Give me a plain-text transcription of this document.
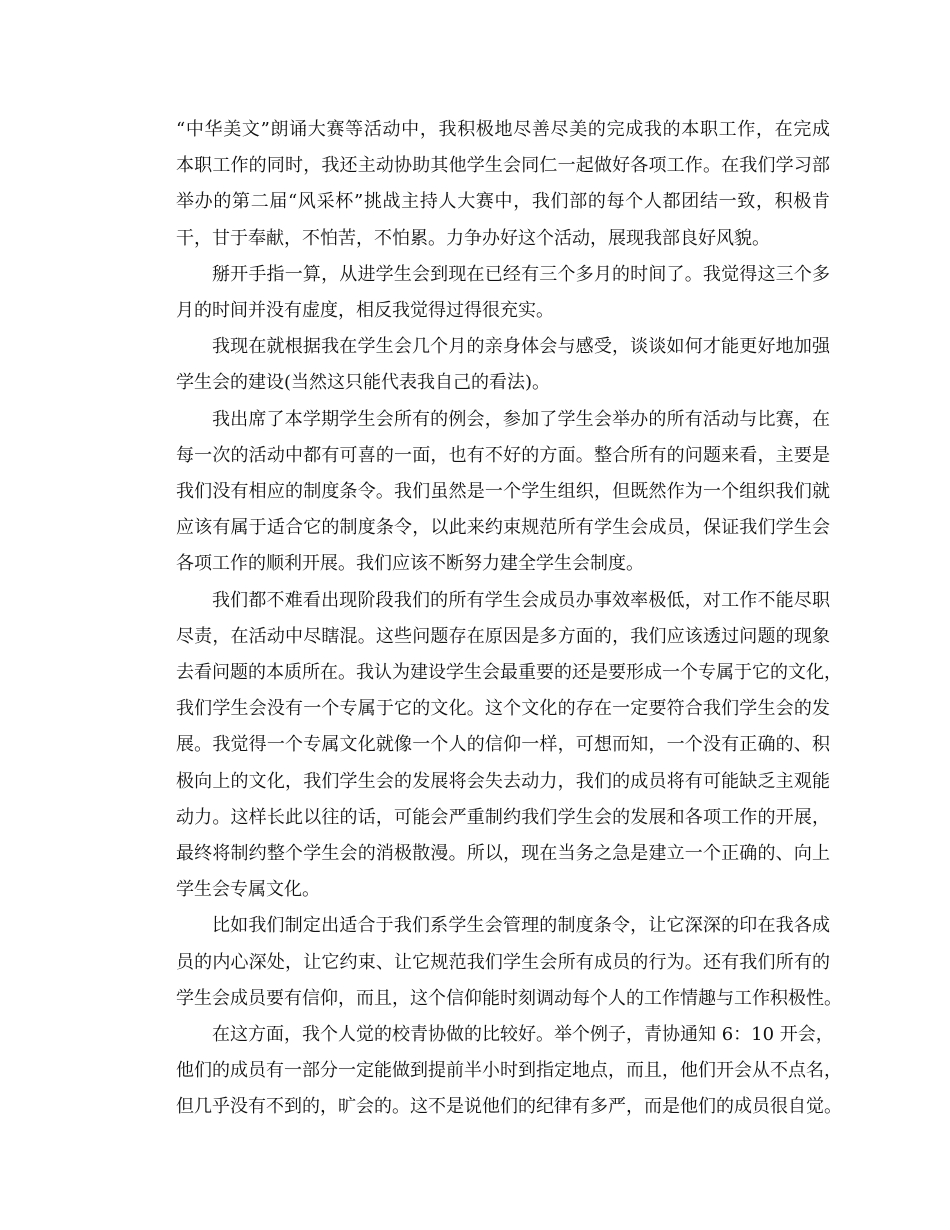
“中华美文”朗诵大赛等活动中，我积极地尽善尽美的完成我的本职工作，在完成
本职工作的同时，我还主动协助其他学生会同仁一起做好各项工作。在我们学习部
举办的第二届“风采杯”挑战主持人大赛中，我们部的每个人都团结一致，积极肯
干，甘于奉献，不怕苦，不怕累。力争办好这个活动，展现我部良好风貌。
掰开手指一算，从进学生会到现在已经有三个多月的时间了。我觉得这三个多
月的时间并没有虚度，相反我觉得过得很充实。
我现在就根据我在学生会几个月的亲身体会与感受，谈谈如何才能更好地加强
学生会的建设(当然这只能代表我自己的看法)。
我出席了本学期学生会所有的例会，参加了学生会举办的所有活动与比赛，在
每一次的活动中都有可喜的一面，也有不好的方面。整合所有的问题来看，主要是
我们没有相应的制度条令。我们虽然是一个学生组织，但既然作为一个组织我们就
应该有属于适合它的制度条令，以此来约束规范所有学生会成员，保证我们学生会
各项工作的顺利开展。我们应该不断努力建全学生会制度。
我们都不难看出现阶段我们的所有学生会成员办事效率极低，对工作不能尽职
尽责，在活动中尽瞎混。这些问题存在原因是多方面的，我们应该透过问题的现象
去看问题的本质所在。我认为建设学生会最重要的还是要形成一个专属于它的文化，
我们学生会没有一个专属于它的文化。这个文化的存在一定要符合我们学生会的发
展。我觉得一个专属文化就像一个人的信仰一样，可想而知，一个没有正确的、积
极向上的文化，我们学生会的发展将会失去动力，我们的成员将有可能缺乏主观能
动力。这样长此以往的话，可能会严重制约我们学生会的发展和各项工作的开展，
最终将制约整个学生会的消极散漫。所以，现在当务之急是建立一个正确的、向上
学生会专属文化。
比如我们制定出适合于我们系学生会管理的制度条令，让它深深的印在我各成
员的内心深处，让它约束、让它规范我们学生会所有成员的行为。还有我们所有的
学生会成员要有信仰，而且，这个信仰能时刻调动每个人的工作情趣与工作积极性。
在这方面，我个人觉的校青协做的比较好。举个例子，青协通知 6：10 开会，
他们的成员有一部分一定能做到提前半小时到指定地点，而且，他们开会从不点名，
但几乎没有不到的，旷会的。这不是说他们的纪律有多严，而是他们的成员很自觉。
